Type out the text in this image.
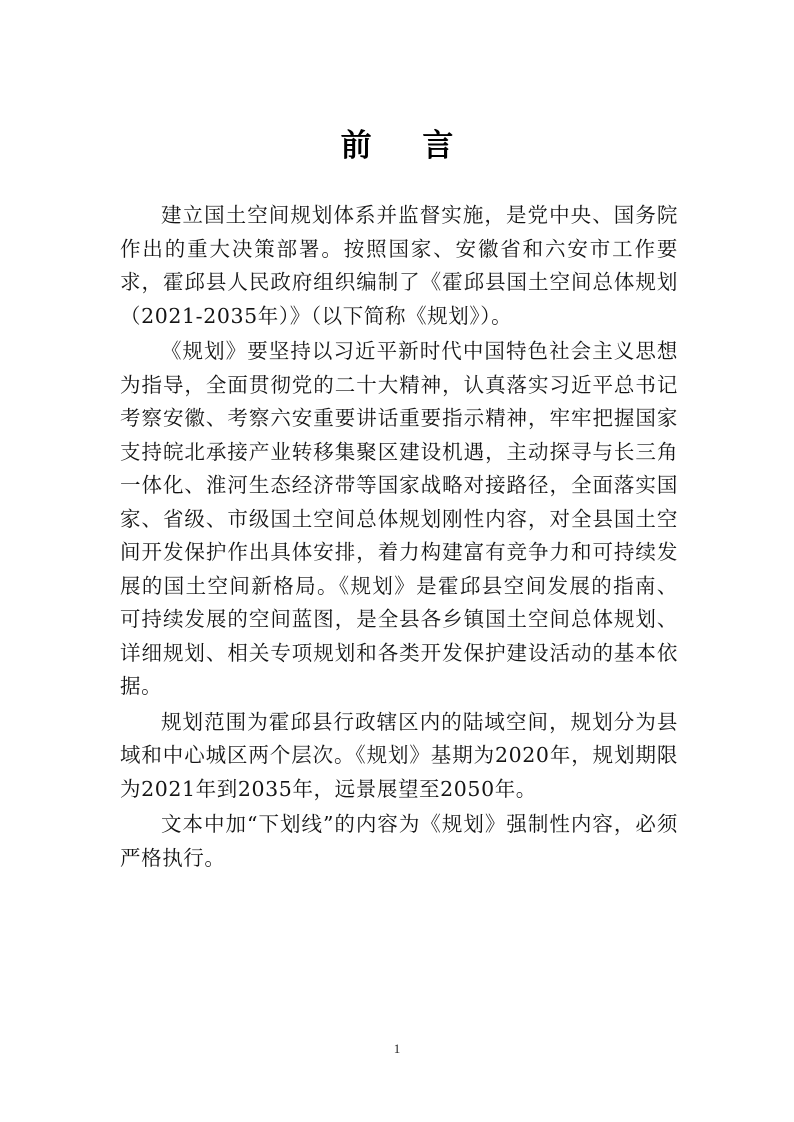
前 言

建立国土空间规划体系并监督实施，是党中央、国务院作出的重大决策部署。按照国家、安徽省和六安市工作要求，霍邱县人民政府组织编制了《霍邱县国土空间总体规划（2021-2035年）》（以下简称《规划》）。

《规划》要坚持以习近平新时代中国特色社会主义思想为指导，全面贯彻党的二十大精神，认真落实习近平总书记考察安徽、考察六安重要讲话重要指示精神，牢牢把握国家支持皖北承接产业转移集聚区建设机遇，主动探寻与长三角一体化、淮河生态经济带等国家战略对接路径，全面落实国家、省级、市级国土空间总体规划刚性内容，对全县国土空间开发保护作出具体安排，着力构建富有竞争力和可持续发展的国土空间新格局。《规划》是霍邱县空间发展的指南、可持续发展的空间蓝图，是全县各乡镇国土空间总体规划、详细规划、相关专项规划和各类开发保护建设活动的基本依据。

规划范围为霍邱县行政辖区内的陆域空间，规划分为县域和中心城区两个层次。《规划》基期为2020年，规划期限为2021年到2035年，远景展望至2050年。

文本中加“下划线”的内容为《规划》强制性内容，必须严格执行。

1
